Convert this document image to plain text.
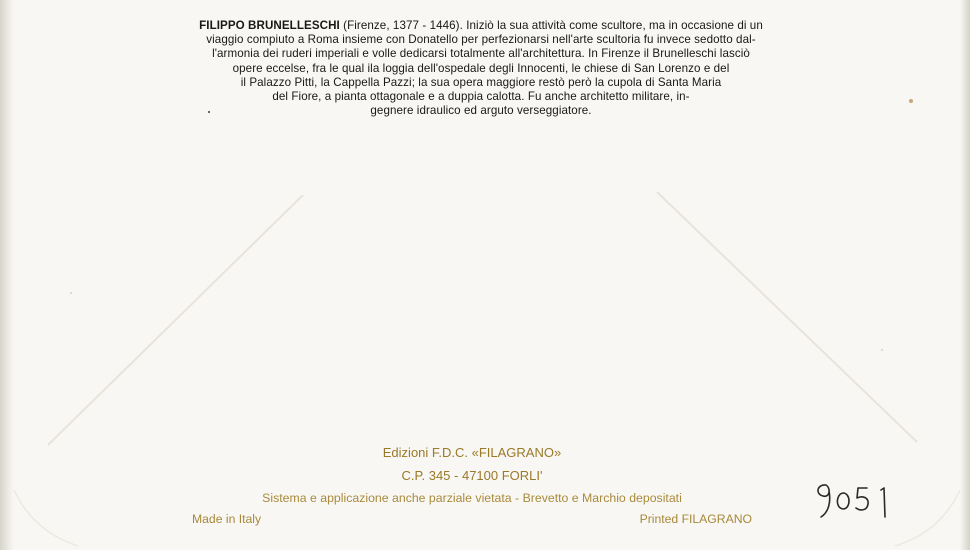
FILIPPO BRUNELLESCHI (Firenze, 1377 - 1446). Iniziò la sua attività come scultore, ma in occasione di un
viaggio compiuto a Roma insieme con Donatello per perfezionarsi nell'arte scultoria fu invece sedotto dal-
l'armonia dei ruderi imperiali e volle dedicarsi totalmente all'architettura. In Firenze il Brunelleschi lasciò
opere eccelse, fra le qual ila loggia dell'ospedale degli Innocenti, le chiese di San Lorenzo e del
il Palazzo Pitti, la Cappella Pazzi; la sua opera maggiore restò però la cupola di Santa Maria
del Fiore, a pianta ottagonale e a duppia calotta. Fu anche architetto militare, in-
gegnere idraulico ed arguto verseggiatore.
Edizioni F.D.C. «FILAGRANO»
C.P. 345 - 47100 FORLI'
Sistema e applicazione anche parziale vietata - Brevetto e Marchio depositati
Made in Italy	Printed FILAGRANO
